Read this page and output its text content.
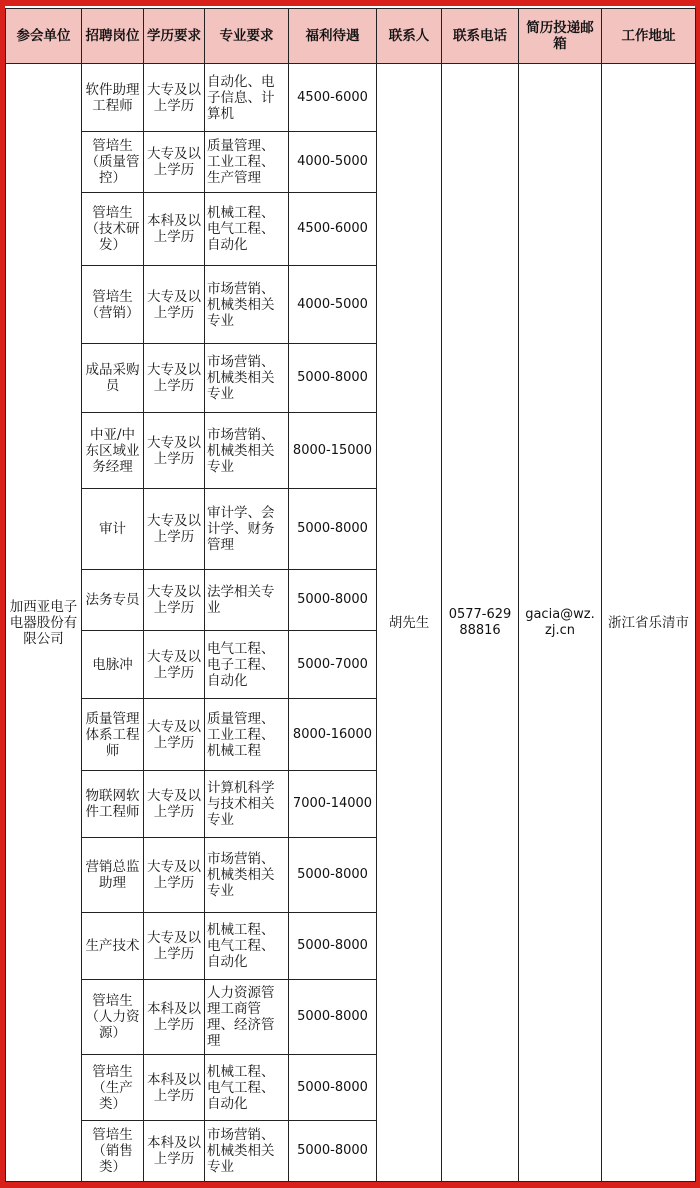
参会单位	招聘岗位	学历要求	专业要求	福利待遇	联系人	联系电话	简历投递邮箱	工作地址
加西亚电子电器股份有限公司	软件助理工程师	大专及以上学历	自动化、电子信息、计算机	4500-6000	胡先生	0577-62988816	gacia@wz.zj.cn	浙江省乐清市
	管培生（质量管控）	大专及以上学历	质量管理、工业工程、生产管理	4000-5000				
	管培生（技术研发）	本科及以上学历	机械工程、电气工程、自动化	4500-6000				
	管培生（营销）	大专及以上学历	市场营销、机械类相关专业	4000-5000				
	成品采购员	大专及以上学历	市场营销、机械类相关专业	5000-8000				
	中亚/中东区域业务经理	大专及以上学历	市场营销、机械类相关专业	8000-15000				
	审计	大专及以上学历	审计学、会计学、财务管理	5000-8000				
	法务专员	大专及以上学历	法学相关专业	5000-8000				
	电脉冲	大专及以上学历	电气工程、电子工程、自动化	5000-7000				
	质量管理体系工程师	大专及以上学历	质量管理、工业工程、机械工程	8000-16000				
	物联网软件工程师	大专及以上学历	计算机科学与技术相关专业	7000-14000				
	营销总监助理	大专及以上学历	市场营销、机械类相关专业	5000-8000				
	生产技术	大专及以上学历	机械工程、电气工程、自动化	5000-8000				
	管培生（人力资源）	本科及以上学历	人力资源管理工商管理、经济管理	5000-8000				
	管培生（生产类）	本科及以上学历	机械工程、电气工程、自动化	5000-8000				
	管培生（销售类）	本科及以上学历	市场营销、机械类相关专业	5000-8000				
